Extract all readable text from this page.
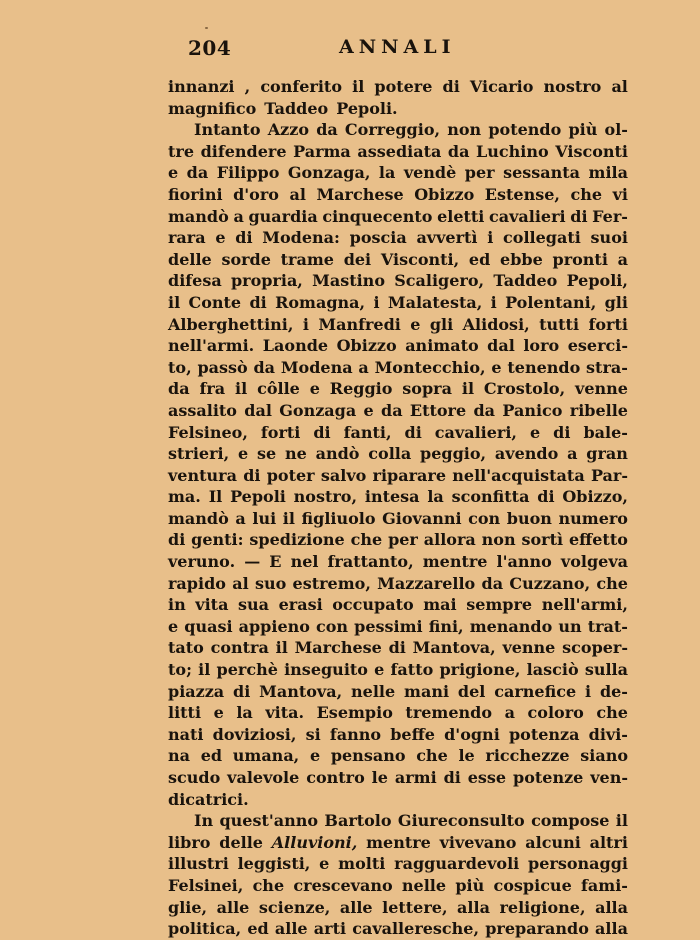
204	ANNALI
innanzi , conferito il potere di Vicario nostro al
magnifico Taddeo Pepoli.
Intanto Azzo da Correggio, non potendo più ol-
tre difendere Parma assediata da Luchino Visconti
e da Filippo Gonzaga, la vendè per sessanta mila
fiorini d'oro al Marchese Obizzo Estense, che vi
mandò a guardia cinquecento eletti cavalieri di Fer-
rara e di Modena: poscia avvertì i collegati suoi
delle sorde trame dei Visconti, ed ebbe pronti a
difesa propria, Mastino Scaligero, Taddeo Pepoli,
il Conte di Romagna, i Malatesta, i Polentani, gli
Alberghettini, i Manfredi e gli Alidosi, tutti forti
nell'armi. Laonde Obizzo animato dal loro eserci-
to, passò da Modena a Montecchio, e tenendo stra-
da fra il côlle e Reggio sopra il Crostolo, venne
assalito dal Gonzaga e da Ettore da Panico ribelle
Felsineo, forti di fanti, di cavalieri, e di bale-
strieri, e se ne andò colla peggio, avendo a gran
ventura di poter salvo riparare nell'acquistata Par-
ma. Il Pepoli nostro, intesa la sconfitta di Obizzo,
mandò a lui il figliuolo Giovanni con buon numero
di genti: spedizione che per allora non sortì effetto
veruno. — E nel frattanto, mentre l'anno volgeva
rapido al suo estremo, Mazzarello da Cuzzano, che
in vita sua erasi occupato mai sempre nell'armi,
e quasi appieno con pessimi fini, menando un trat-
tato contra il Marchese di Mantova, venne scoper-
to; il perchè inseguito e fatto prigione, lasciò sulla
piazza di Mantova, nelle mani del carnefice i de-
litti e la vita. Esempio tremendo a coloro che
nati doviziosi, si fanno beffe d'ogni potenza divi-
na ed umana, e pensano che le ricchezze siano
scudo valevole contro le armi di esse potenze ven-
dicatrici.
In quest'anno Bartolo Giureconsulto compose il
libro delle Alluvioni, mentre vivevano alcuni altri
illustri leggisti, e molti ragguardevoli personaggi
Felsinei, che crescevano nelle più cospicue fami-
glie, alle scienze, alle lettere, alla religione, alla
politica, ed alle arti cavalleresche, preparando alla
